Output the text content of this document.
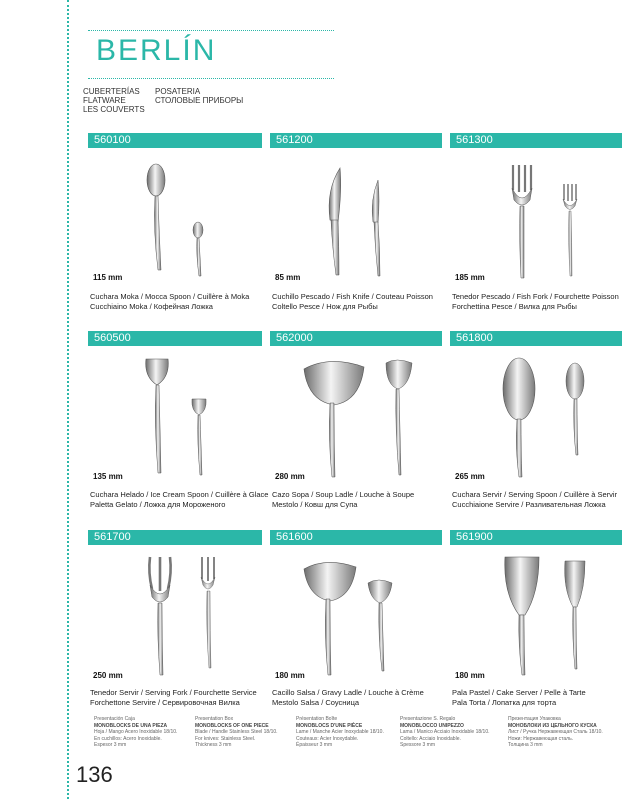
BERLÍN
CUBERTERÍAS
FLATWARE
LES COUVERTS
POSATERIA
СТОЛОВЫЕ ПРИБОРЫ
560100	561200	561300
115 mm	85 mm	185 mm
Cuchara Moka / Mocca Spoon / Cuillère à Moka
Cucchiaino Moka / Кофейная Ложка
Cuchillo Pescado / Fish Knife / Couteau Poisson
Coltello Pesce / Нож для Рыбы
Tenedor Pescado / Fish Fork / Fourchette Poisson
Forchettina Pesce / Вилка для Рыбы
560500	562000	561800
135 mm	280 mm	265 mm
Cuchara Helado / Ice Cream Spoon / Cuillère à Glace
Paletta Gelato / Ложка для Мороженого
Cazo Sopa / Soup Ladle / Louche à Soupe
Mestolo / Ковш для Супа
Cuchara Servir / Serving Spoon / Cuillère à Servir
Cucchiaione Servire / Разливательная Ложка
561700	561600	561900
250 mm	180 mm	180 mm
Tenedor Servir / Serving Fork / Fourchette Service
Forchettone Servire / Сервировочная Вилка
Cacillo Salsa / Gravy Ladle / Louche à Crème
Mestolo Salsa / Соусница
Pala Pastel / Cake Server / Pelle à Tarte
Pala Torta / Лопатка для торта
Presentación Caja
MONOBLOCKS DE UNA PIEZA
Hoja / Mango Acero Inoxidable 18/10.
En cuchillos: Acero Inoxidable.
Espesor 3 mm
Presentation Box
MONOBLOCKS OF ONE PIECE
Blade / Handle Stainless Steel 18/10.
For knives: Stainless Steel.
Thickness 3 mm
Présentation Boîte
MONOBLOCS D'UNE PIÈCE
Lame / Manche Acier Inoxydable 18/10.
Couteaux: Acier Inoxydable.
Épaisseur 3 mm
Presentazione S. Regalo
MONOBLOCCO UNIPEZZO
Lama / Manico Acciaio Inoxidable 18/10.
Coltello: Acciaio Inoxidable.
Spessore 3 mm
Презентация Упаковка
МОНОБЛОКИ ИЗ ЦЕЛЬНОГО КУСКА
Лист / Ручка Нержавеющая Сталь 18/10.
Ножи: Нержавеющая сталь.
Толщина 3 mm
136
